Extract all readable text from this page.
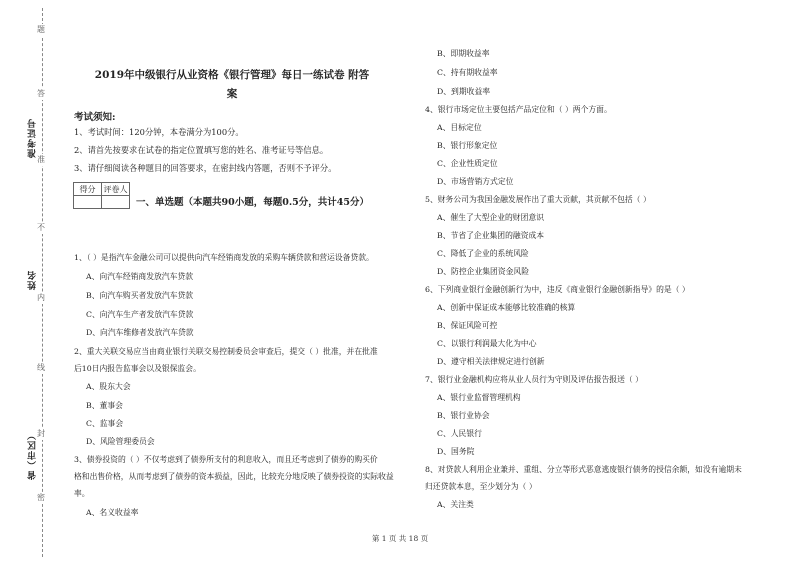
题
答
准
不
内
线
封
密
准考证号
姓名
省（市区）
2019年中级银行从业资格《银行管理》每日一练试卷 附答
案
考试须知:
1、考试时间：120分钟，本卷满分为100分。
2、请首先按要求在试卷的指定位置填写您的姓名、准考证号等信息。
3、请仔细阅读各种题目的回答要求，在密封线内答题，否则不予评分。
得分	评卷人

一、单选题（本题共90小题，每题0.5分，共计45分）
1、（ ）是指汽车金融公司可以提供向汽车经销商发放的采购车辆贷款和营运设备贷款。
A、向汽车经销商发放汽车贷款
B、向汽车购买者发放汽车贷款
C、向汽车生产者发放汽车贷款
D、向汽车维修者发放汽车贷款
2、重大关联交易应当由商业银行关联交易控制委员会审查后，提交（ ）批准，并在批准
后10日内报告监事会以及银保监会。
A、股东大会
B、董事会
C、监事会
D、风险管理委员会
3、债券投资的（ ）不仅考虑到了债券所支付的利息收入，而且还考虑到了债券的购买价
格和出售价格，从而考虑到了债券的资本损益，因此，比较充分地反映了债券投资的实际收益
率。
A、名义收益率
B、即期收益率
C、持有期收益率
D、到期收益率
4、银行市场定位主要包括产品定位和（ ）两个方面。
A、目标定位
B、银行形象定位
C、企业性质定位
D、市场营销方式定位
5、财务公司为我国金融发展作出了重大贡献，其贡献不包括（ ）
A、催生了大型企业的财团意识
B、节省了企业集团的融资成本
C、降低了企业的系统风险
D、防控企业集团资金风险
6、下列商业银行金融创新行为中，违反《商业银行金融创新指导》的是（ ）
A、创新中保证成本能够比较准确的核算
B、保证风险可控
C、以银行利润最大化为中心
D、遵守相关法律规定进行创新
7、银行业金融机构应将从业人员行为守则及评估报告报送（ ）
A、银行业监督管理机构
B、银行业协会
C、人民银行
D、国务院
8、对贷款人利用企业兼并、重组、分立等形式恶意逃废银行债务的授信余额，如没有逾期未
归还贷款本息，至少划分为（ ）
A、关注类
第 1 页 共 18 页
